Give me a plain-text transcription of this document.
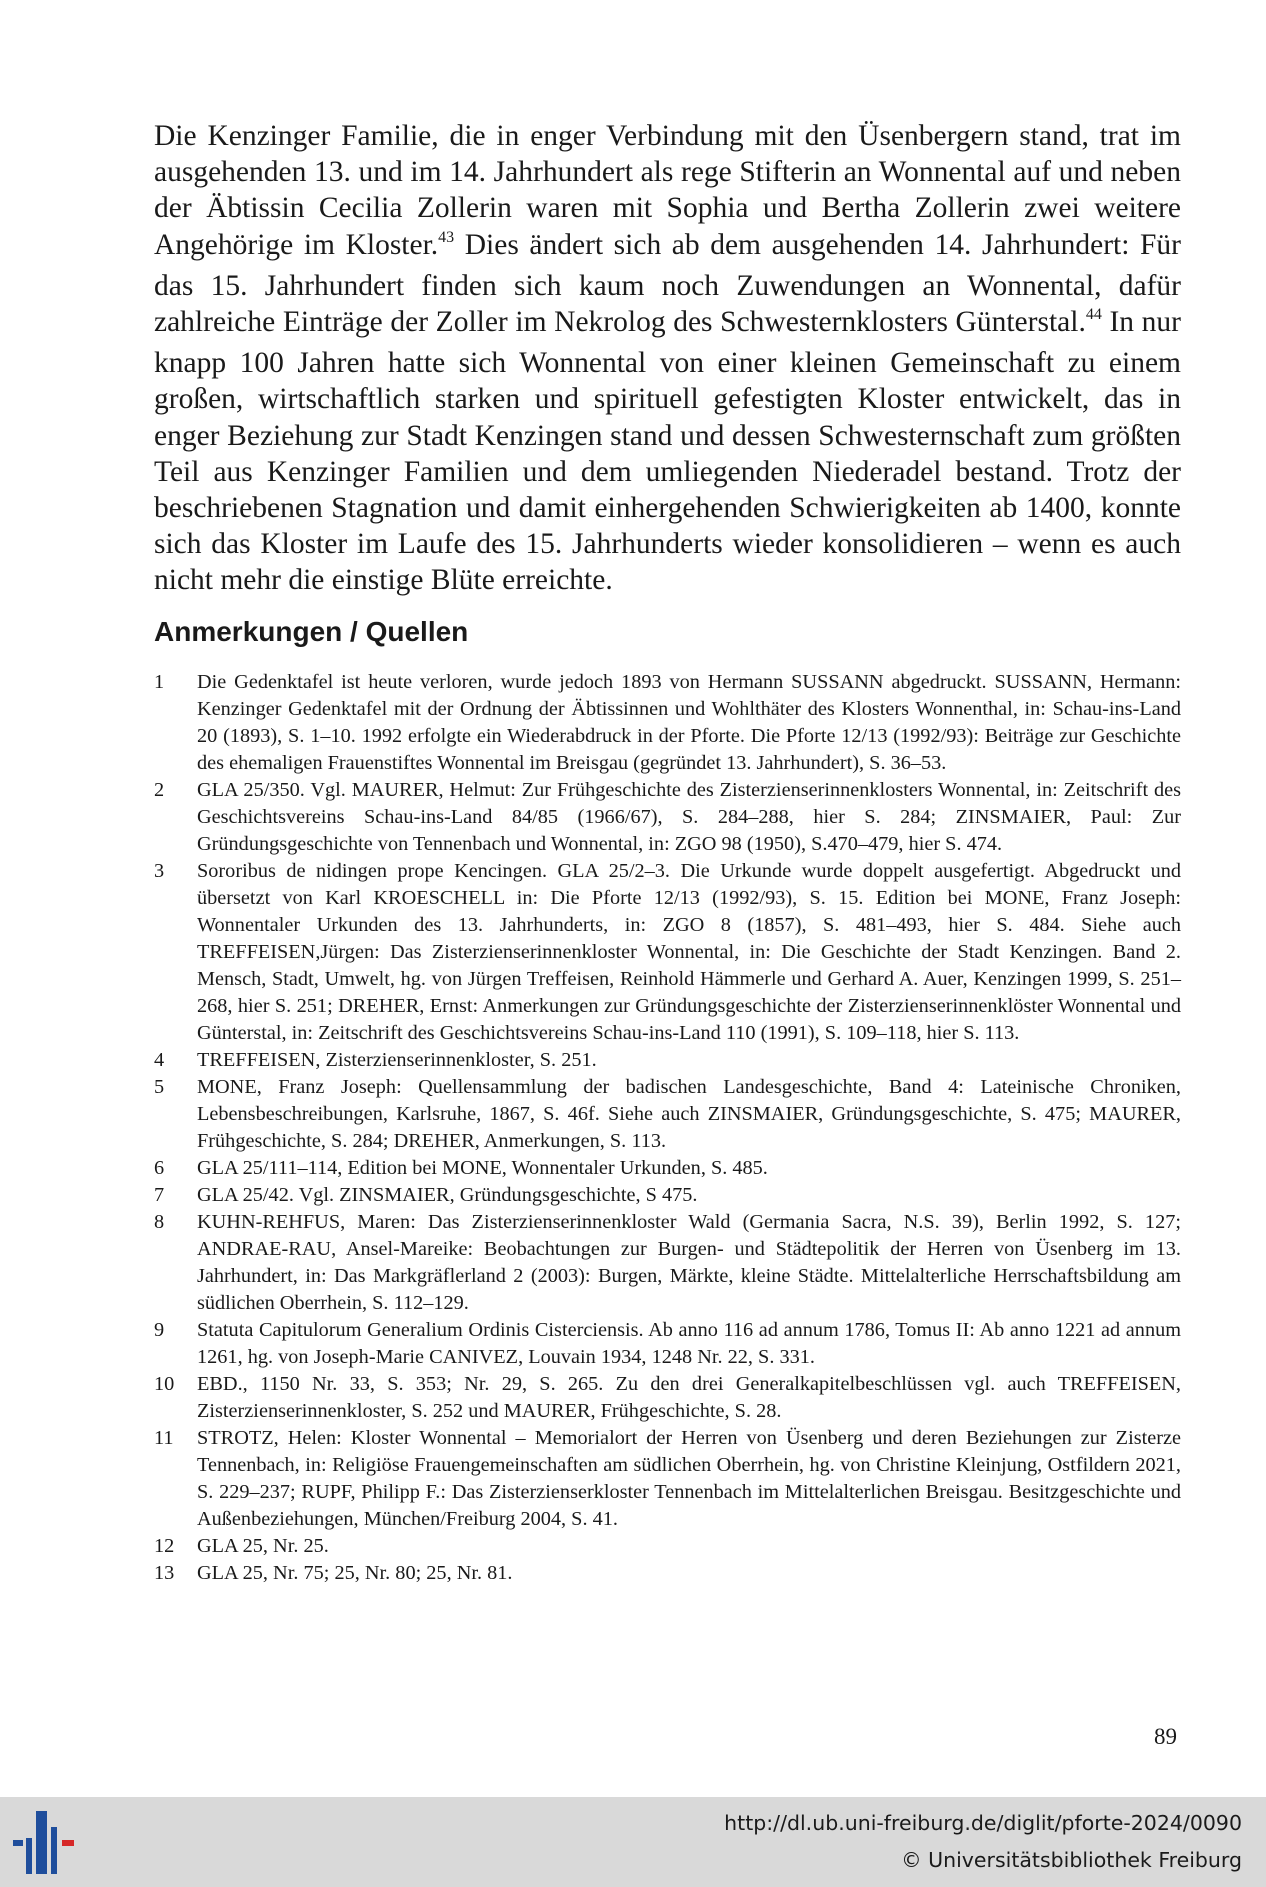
Die Kenzinger Familie, die in enger Verbindung mit den Üsenbergern stand, trat im ausgehenden 13. und im 14. Jahrhundert als rege Stifterin an Wonnental auf und neben der Äbtissin Cecilia Zollerin waren mit Sophia und Bertha Zollerin zwei weitere Angehörige im Kloster.$^{43}$ Dies ändert sich ab dem ausgehenden 14. Jahrhundert: Für das 15. Jahrhundert finden sich kaum noch Zuwendungen an Wonnental, dafür zahlreiche Einträge der Zoller im Nekrolog des Schwesternklosters Günterstal.$^{44}$ In nur knapp 100 Jahren hatte sich Wonnental von einer kleinen Gemeinschaft zu einem großen, wirtschaftlich starken und spirituell gefestigten Kloster entwickelt, das in enger Beziehung zur Stadt Kenzingen stand und dessen Schwesternschaft zum größten Teil aus Kenzinger Familien und dem umliegenden Niederadel bestand. Trotz der beschriebenen Stagnation und damit einhergehenden Schwierigkeiten ab 1400, konnte sich das Kloster im Laufe des 15. Jahrhunderts wieder konsolidieren – wenn es auch nicht mehr die einstige Blüte erreichte.

Anmerkungen / Quellen
1 Die Gedenktafel ist heute verloren, wurde jedoch 1893 von Hermann SUSSANN abgedruckt. SUSSANN, Hermann: Kenzinger Gedenktafel mit der Ordnung der Äbtissinnen und Wohlthäter des Klosters Wonnenthal, in: Schau-ins-Land 20 (1893), S. 1–10. 1992 erfolgte ein Wiederabdruck in der Pforte. Die Pforte 12/13 (1992/93): Beiträge zur Geschichte des ehemaligen Frauenstiftes Wonnental im Breisgau (gegründet 13. Jahrhundert), S. 36–53.
2 GLA 25/350. Vgl. MAURER, Helmut: Zur Frühgeschichte des Zisterzienserinnenklosters Wonnental, in: Zeitschrift des Geschichtsvereins Schau-ins-Land 84/85 (1966/67), S. 284–288, hier S. 284; ZINSMAIER, Paul: Zur Gründungsgeschichte von Tennenbach und Wonnental, in: ZGO 98 (1950), S.470–479, hier S. 474.
3 Sororibus de nidingen prope Kencingen. GLA 25/2–3. Die Urkunde wurde doppelt ausgefertigt. Abgedruckt und übersetzt von Karl KROESCHELL in: Die Pforte 12/13 (1992/93), S. 15. Edition bei MONE, Franz Joseph: Wonnentaler Urkunden des 13. Jahrhunderts, in: ZGO 8 (1857), S. 481–493, hier S. 484. Siehe auch TREFFEISEN,Jürgen: Das Zisterzienserinnenkloster Wonnental, in: Die Geschichte der Stadt Kenzingen. Band 2. Mensch, Stadt, Umwelt, hg. von Jürgen Treffeisen, Reinhold Hämmerle und Gerhard A. Auer, Kenzingen 1999, S. 251–268, hier S. 251; DREHER, Ernst: Anmerkungen zur Gründungsgeschichte der Zisterzienserinnenklöster Wonnental und Günterstal, in: Zeitschrift des Geschichtsvereins Schau-ins-Land 110 (1991), S. 109–118, hier S. 113.
4 TREFFEISEN, Zisterzienserinnenkloster, S. 251.
5 MONE, Franz Joseph: Quellensammlung der badischen Landesgeschichte, Band 4: Lateinische Chroniken, Lebensbeschreibungen, Karlsruhe, 1867, S. 46f. Siehe auch ZINSMAIER, Gründungsgeschichte, S. 475; MAURER, Frühgeschichte, S. 284; DREHER, Anmerkungen, S. 113.
6 GLA 25/111–114, Edition bei MONE, Wonnentaler Urkunden, S. 485.
7 GLA 25/42. Vgl. ZINSMAIER, Gründungsgeschichte, S 475.
8 KUHN-REHFUS, Maren: Das Zisterzienserinnenkloster Wald (Germania Sacra, N.S. 39), Berlin 1992, S. 127; ANDRAE-RAU, Ansel-Mareike: Beobachtungen zur Burgen- und Städtepolitik der Herren von Üsenberg im 13. Jahrhundert, in: Das Markgräflerland 2 (2003): Burgen, Märkte, kleine Städte. Mittelalterliche Herrschaftsbildung am südlichen Oberrhein, S. 112–129.
9 Statuta Capitulorum Generalium Ordinis Cisterciensis. Ab anno 116 ad annum 1786, Tomus II: Ab anno 1221 ad annum 1261, hg. von Joseph-Marie CANIVEZ, Louvain 1934, 1248 Nr. 22, S. 331.
10 EBD., 1150 Nr. 33, S. 353; Nr. 29, S. 265. Zu den drei Generalkapitelbeschlüssen vgl. auch TREFFEISEN, Zisterzienserinnenkloster, S. 252 und MAURER, Frühgeschichte, S. 28.
11 STROTZ, Helen: Kloster Wonnental – Memorialort der Herren von Üsenberg und deren Beziehungen zur Zisterze Tennenbach, in: Religiöse Frauengemeinschaften am südlichen Oberrhein, hg. von Christine Kleinjung, Ostfildern 2021, S. 229–237; RUPF, Philipp F.: Das Zisterzienserkloster Tennenbach im Mittelalterlichen Breisgau. Besitzgeschichte und Außenbeziehungen, München/Freiburg 2004, S. 41.
12 GLA 25, Nr. 25.
13 GLA 25, Nr. 75; 25, Nr. 80; 25, Nr. 81.
89
http://dl.ub.uni-freiburg.de/diglit/pforte-2024/0090
© Universitätsbibliothek Freiburg
